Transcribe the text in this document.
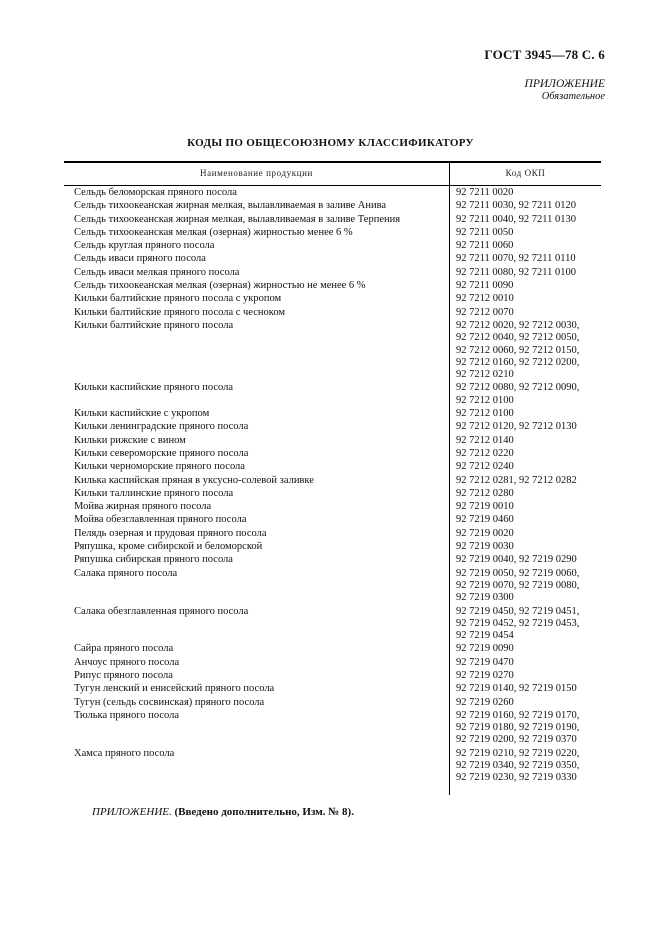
ГОСТ 3945—78 С. 6
ПРИЛОЖЕНИЕ
Обязательное
КОДЫ ПО ОБЩЕСОЮЗНОМУ КЛАССИФИКАТОРУ
Наименование продукции	Код ОКП
Сельдь беломорская пряного посола	92 7211 0020
Сельдь тихоокеанская жирная мелкая, вылавливаемая в заливе Анива	92 7211 0030, 92 7211 0120
Сельдь тихоокеанская жирная мелкая, вылавливаемая в заливе Терпения	92 7211 0040, 92 7211 0130
Сельдь тихоокеанская мелкая (озерная) жирностью менее 6 %	92 7211 0050
Сельдь круглая пряного посола	92 7211 0060
Сельдь иваси пряного посола	92 7211 0070, 92 7211 0110
Сельдь иваси мелкая пряного посола	92 7211 0080, 92 7211 0100
Сельдь тихоокеанская мелкая (озерная) жирностью не менее 6 %	92 7211 0090
Кильки балтийские пряного посола с укропом	92 7212 0010
Кильки балтийские пряного посола с чесноком	92 7212 0070
Кильки балтийские пряного посола	92 7212 0020, 92 7212 0030,
92 7212 0040, 92 7212 0050,
92 7212 0060, 92 7212 0150,
92 7212 0160, 92 7212 0200,
92 7212 0210
Кильки каспийские пряного посола	92 7212 0080, 92 7212 0090,
92 7212 0100
Кильки каспийские с укропом	92 7212 0100
Кильки ленинградские пряного посола	92 7212 0120, 92 7212 0130
Кильки рижские с вином	92 7212 0140
Кильки североморские пряного посола	92 7212 0220
Кильки черноморские пряного посола	92 7212 0240
Килька каспийская пряная в уксусно-солевой заливке	92 7212 0281, 92 7212 0282
Кильки таллинские пряного посола	92 7212 0280
Мойва жирная пряного посола	92 7219 0010
Мойва обезглавленная пряного посола	92 7219 0460
Пелядь озерная и прудовая пряного посола	92 7219 0020
Ряпушка, кроме сибирской и беломорской	92 7219 0030
Ряпушка сибирская пряного посола	92 7219 0040, 92 7219 0290
Салака пряного посола	92 7219 0050, 92 7219 0060,
92 7219 0070, 92 7219 0080,
92 7219 0300
Салака обезглавленная пряного посола	92 7219 0450, 92 7219 0451,
92 7219 0452, 92 7219 0453,
92 7219 0454
Сайра пряного посола	92 7219 0090
Анчоус пряного посола	92 7219 0470
Рипус пряного посола	92 7219 0270
Тугун ленский и енисейский пряного посола	92 7219 0140, 92 7219 0150
Тугун (сельдь сосвинская) пряного посола	92 7219 0260
Тюлька пряного посола	92 7219 0160, 92 7219 0170,
92 7219 0180, 92 7219 0190,
92 7219 0200, 92 7219 0370
Хамса пряного посола	92 7219 0210, 92 7219 0220,
92 7219 0340, 92 7219 0350,
92 7219 0230, 92 7219 0330
ПРИЛОЖЕНИЕ. (Введено дополнительно, Изм. № 8).
